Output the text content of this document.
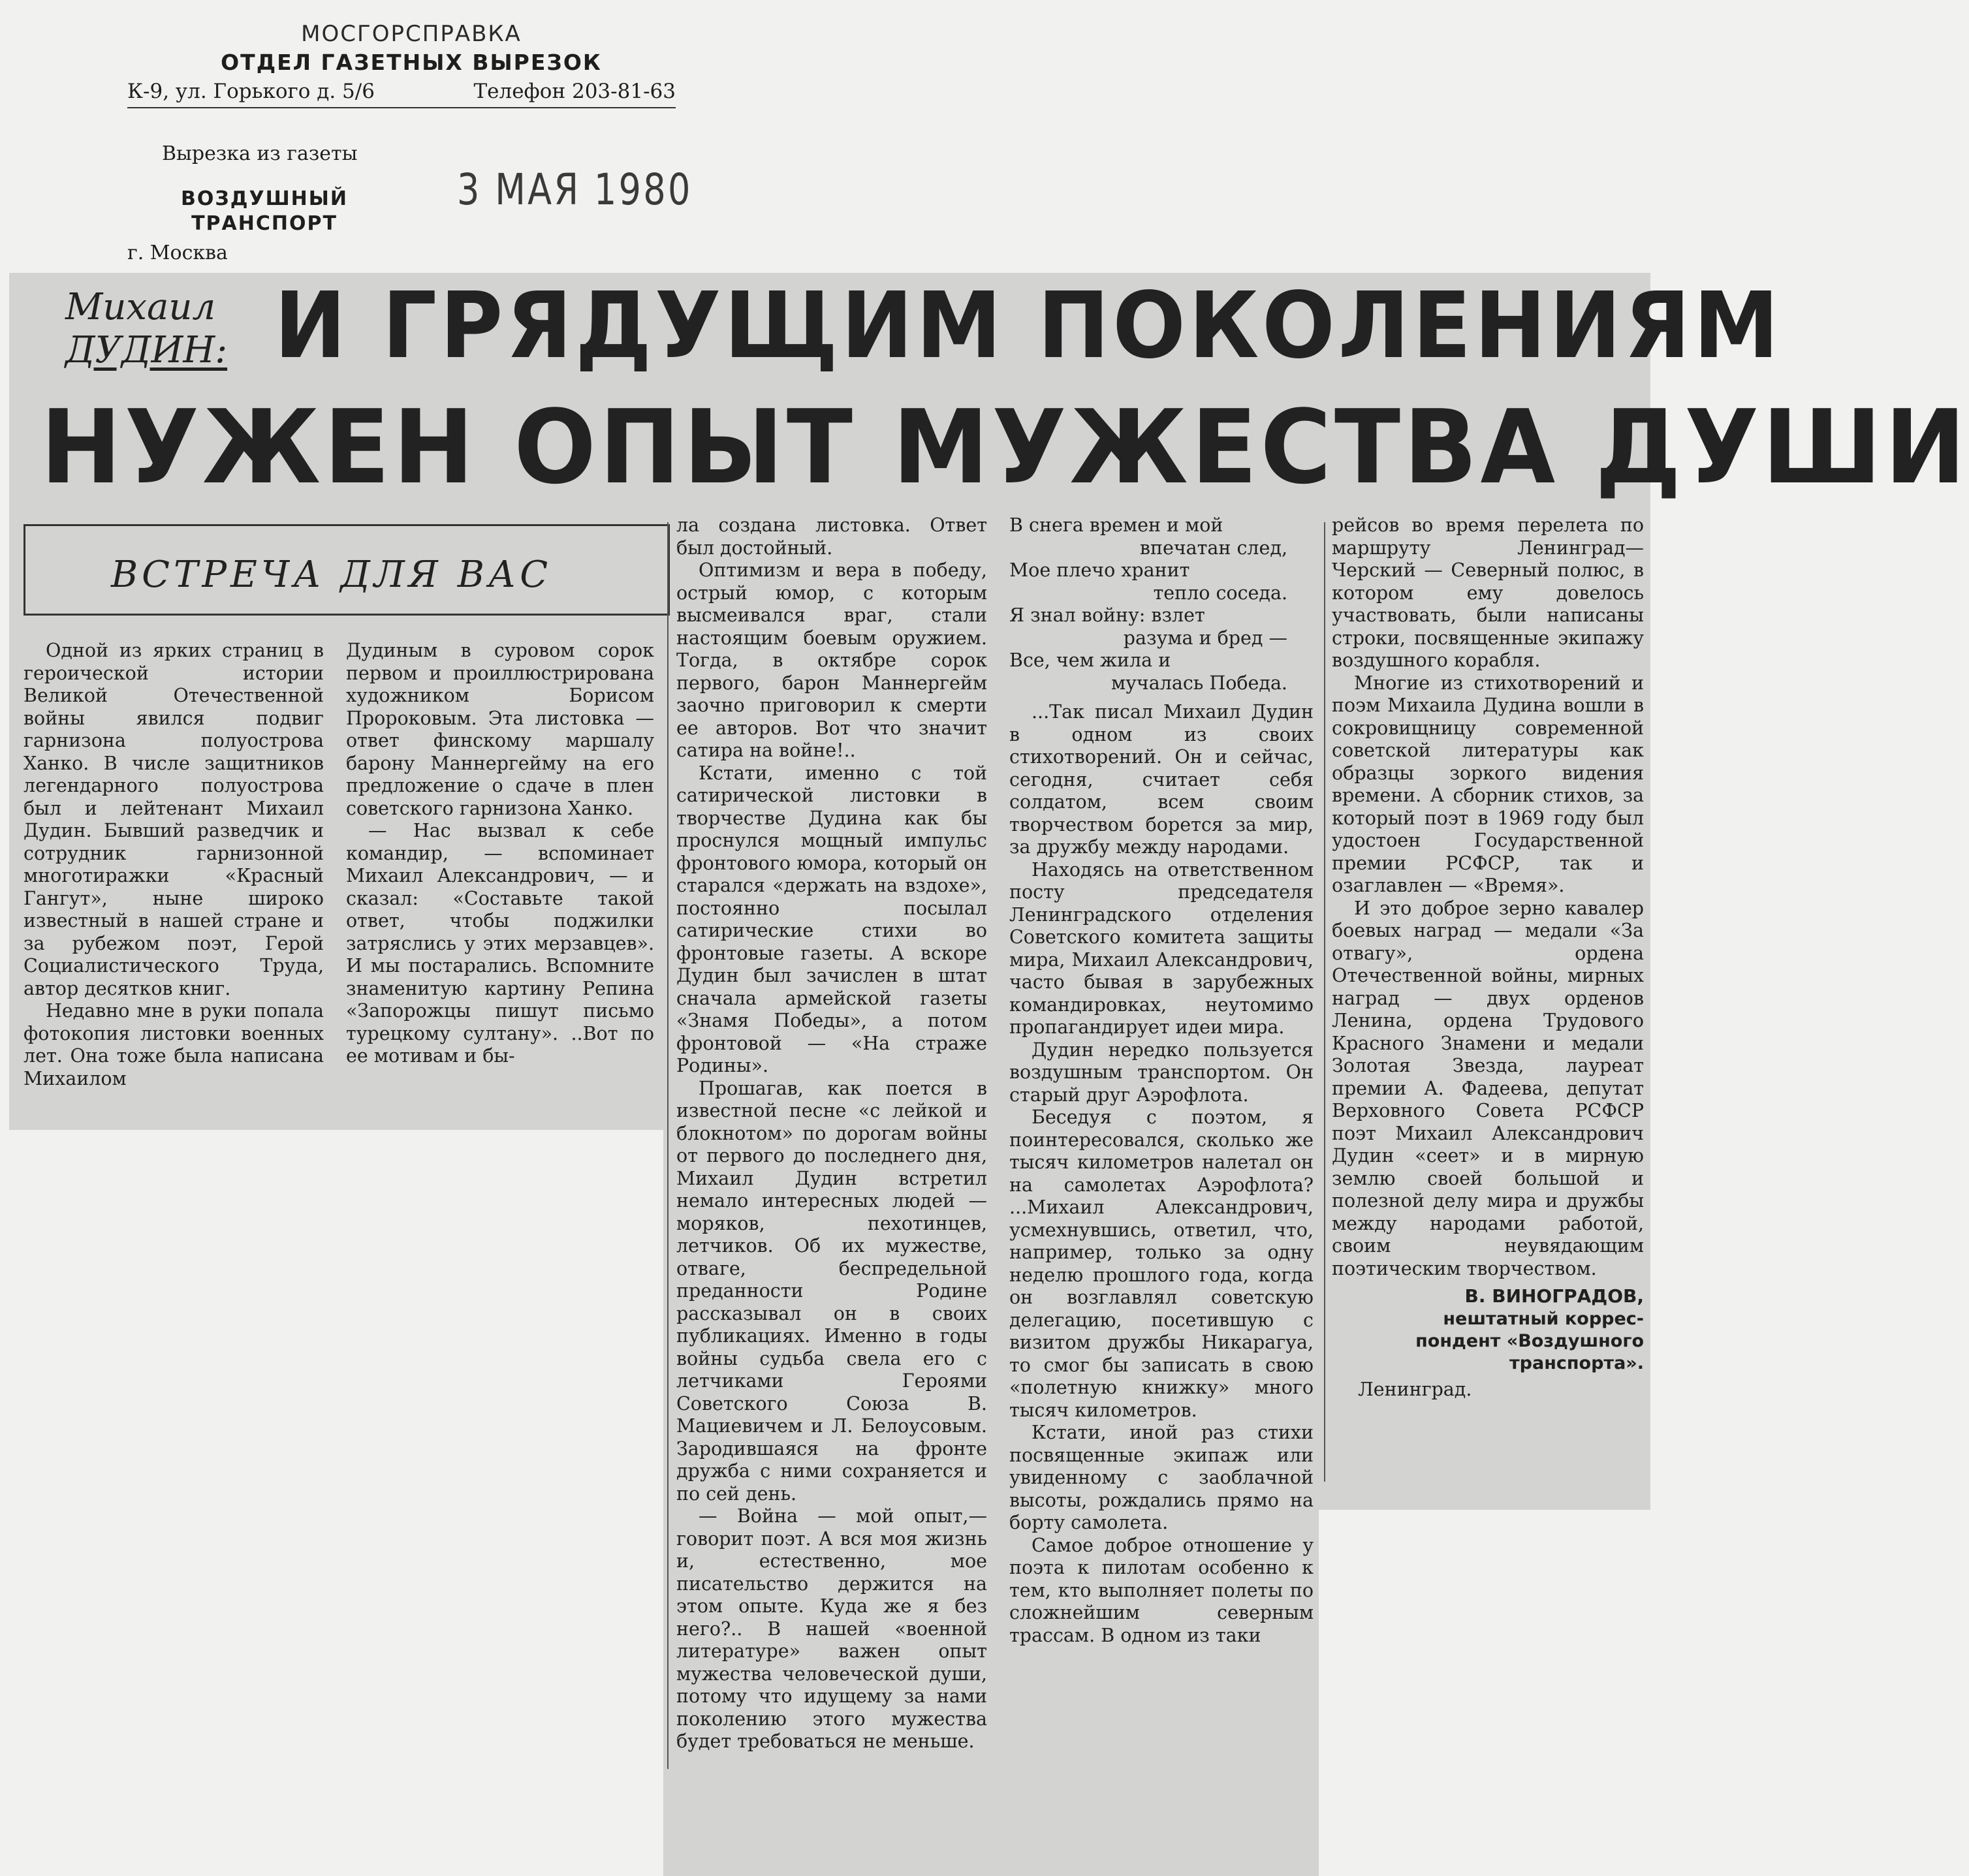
МОСГОРСПРАВКА
ОТДЕЛ ГАЗЕТНЫХ ВЫРЕЗОК
К-9, ул. Горького д. 5/6	Телефон 203-81-63
Вырезка из газеты
ВОЗДУШНЫЙ
ТРАНСПОРТ
г. Москва
3 МАЯ 1980
Михаил
ДУДИН: И ГРЯДУЩИМ ПОКОЛЕНИЯМ
НУЖЕН ОПЫТ МУЖЕСТВА ДУШИ
ВСТРЕЧА ДЛЯ ВАС

Одной из ярких страниц в героической истории Великой Отечественной войны явился подвиг гарнизона полуострова Ханко. В числе защитников легендарного полуострова был и лейтенант Михаил Дудин. Бывший разведчик и сотрудник гарнизонной многотиражки «Красный Гангут», ныне широко известный в нашей стране и за рубежом поэт, Герой Социалистического Труда, автор десятков книг.

Недавно мне в руки попала фотокопия листовки военных лет. Она тоже была написана Михаилом

Дудиным в суровом сорок первом и проиллюстрирована художником Борисом Пророковым. Эта листовка — ответ финскому маршалу барону Маннергейму на его предложение о сдаче в плен советского гарнизона Ханко.

— Нас вызвал к себе командир, — вспоминает Михаил Александрович, — и сказал: «Составьте такой ответ, чтобы поджилки затряслись у этих мерзавцев». И мы постарались. Вспомните знаменитую картину Репина «Запорожцы пишут письмо турецкому султану». ..Вот по ее мотивам и бы-

ла создана листовка. Ответ был достойный.

Оптимизм и вера в победу, острый юмор, с которым высмеивался враг, стали настоящим боевым оружием. Тогда, в октябре сорок первого, барон Маннергейм заочно приговорил к смерти ее авторов. Вот что значит сатира на войне!..

Кстати, именно с той сатирической листовки в творчестве Дудина как бы проснулся мощный импульс фронтового юмора, который он старался «держать на вздохе», постоянно посылал сатирические стихи во фронтовые газеты. А вскоре Дудин был зачислен в штат сначала армейской газеты «Знамя Победы», а потом фронтовой — «На страже Родины».

Прошагав, как поется в известной песне «с лейкой и блокнотом» по дорогам войны от первого до последнего дня, Михаил Дудин встретил немало интересных людей — моряков, пехотинцев, летчиков. Об их мужестве, отваге, беспредельной преданности Родине рассказывал он в своих публикациях. Именно в годы войны судьба свела его с летчиками Героями Советского Союза В. Мациевичем и Л. Белоусовым. Зародившаяся на фронте дружба с ними сохраняется и по сей день.

— Война — мой опыт,— говорит поэт. А вся моя жизнь и, естественно, мое писательство держится на этом опыте. Куда же я без него?.. В нашей «военной литературе» важен опыт мужества человеческой души, потому что идущему за нами поколению этого мужества будет требоваться не меньше.

В снега времен и мой
впечатан след,
Мое плечо хранит
тепло соседа.
Я знал войну: взлет
разума и бред —
Все, чем жила и
мучалась Победа.

...Так писал Михаил Дудин в одном из своих стихотворений. Он и сейчас, сегодня, считает себя солдатом, всем своим творчеством борется за мир, за дружбу между народами.

Находясь на ответственном посту председателя Ленинградского отделения Советского комитета защиты мира, Михаил Александрович, часто бывая в зарубежных командировках, неутомимо пропагандирует идеи мира.

Дудин нередко пользуется воздушным транспортом. Он старый друг Аэрофлота.

Беседуя с поэтом, я поинтересовался, сколько же тысяч километров налетал он на самолетах Аэрофлота? ...Михаил Александрович, усмехнувшись, ответил, что, например, только за одну неделю прошлого года, когда он возглавлял советскую делегацию, посетившую с визитом дружбы Никарагуа, то смог бы записать в свою «полетную книжку» много тысяч километров.

Кстати, иной раз стихи посвященные экипаж или увиденному с заоблачной высоты, рождались прямо на борту самолета.

Самое доброе отношение у поэта к пилотам особенно к тем, кто выполняет полеты по сложнейшим северным трассам. В одном из таки

рейсов во время перелета по маршруту Ленинград—Черский — Северный полюс, в котором ему довелось участвовать, были написаны строки, посвященные экипажу воздушного корабля.

Многие из стихотворений и поэм Михаила Дудина вошли в сокровищницу современной советской литературы как образцы зоркого видения времени. А сборник стихов, за который поэт в 1969 году был удостоен Государственной премии РСФСР, так и озаглавлен — «Время».

И это доброе зерно кавалер боевых наград — медали «За отвагу», ордена Отечественной войны, мирных наград — двух орденов Ленина, ордена Трудового Красного Знамени и медали Золотая Звезда, лауреат премии А. Фадеева, депутат Верховного Совета РСФСР поэт Михаил Александрович Дудин «сеет» и в мирную землю своей большой и полезной делу мира и дружбы между народами работой, своим неувядающим поэтическим творчеством.

В. ВИНОГРАДОВ,
нештатный коррес-
пондент «Воздушного
транспорта».
Ленинград.
